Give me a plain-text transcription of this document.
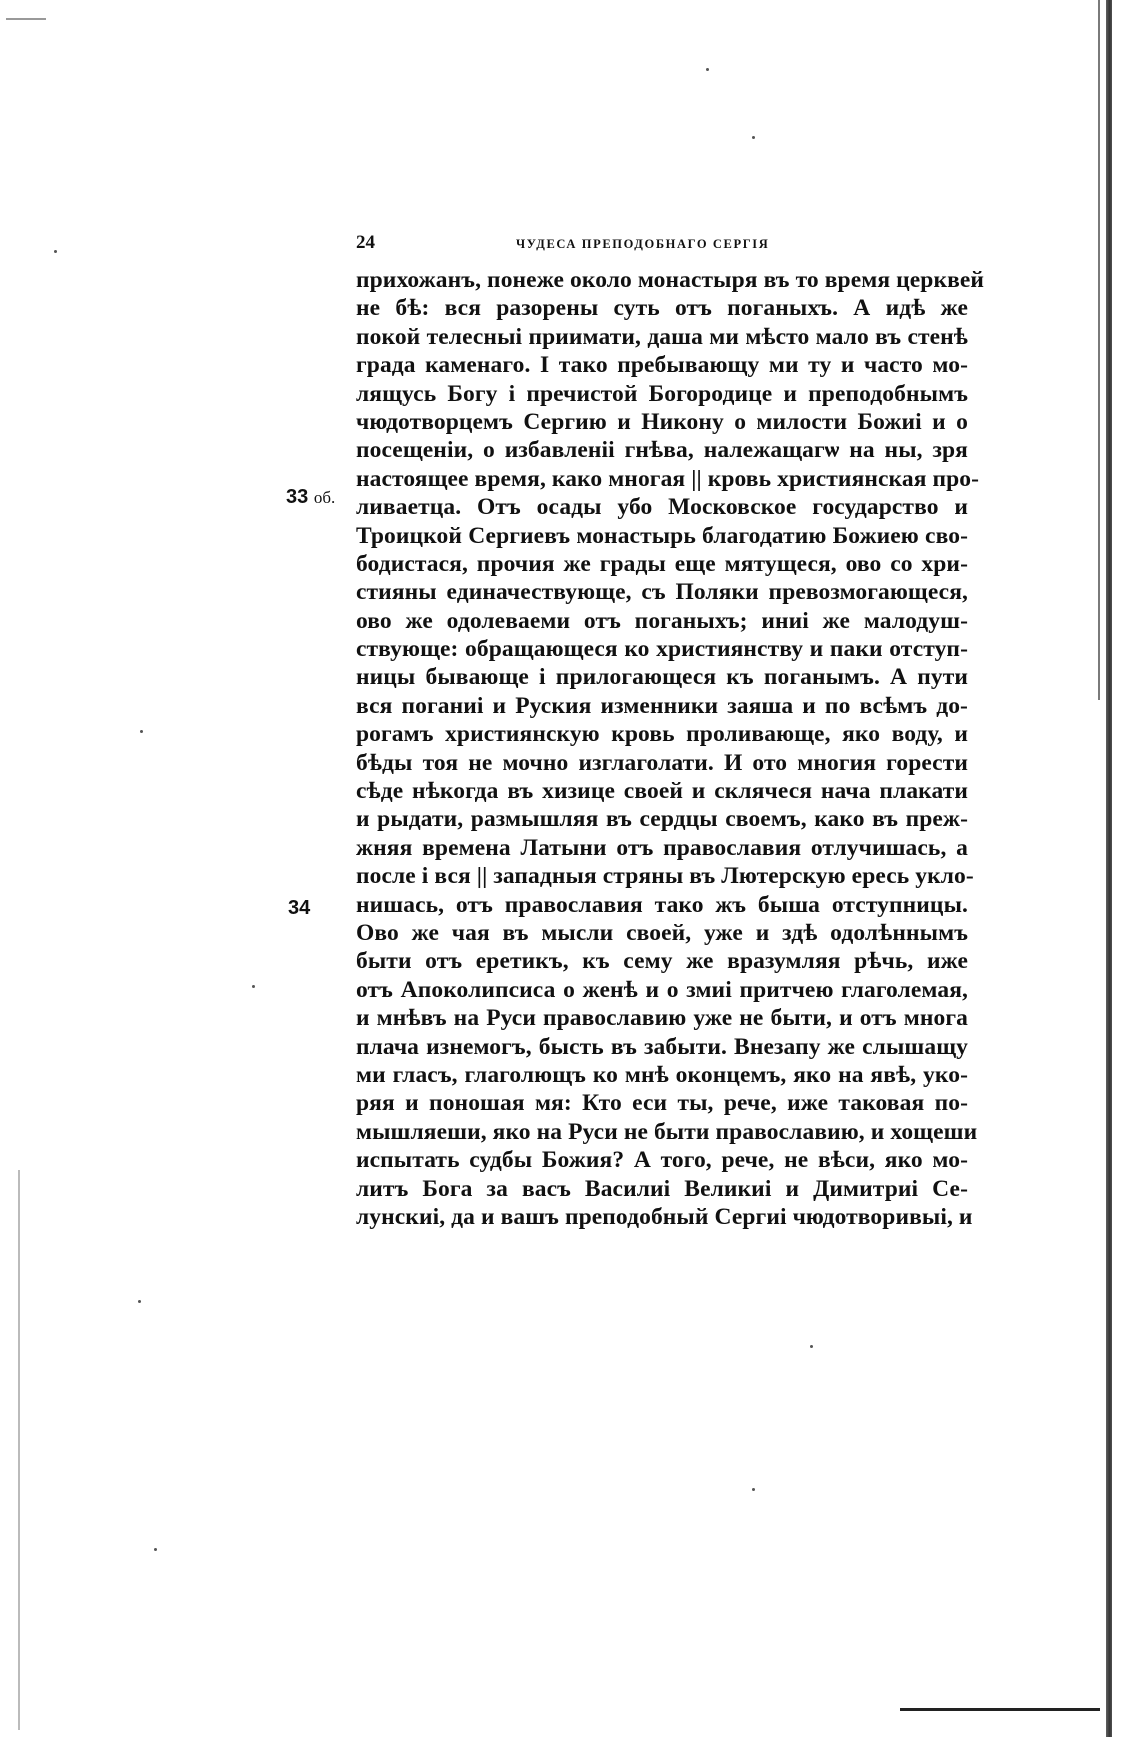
33 об.
34
24	ЧУДЕСА ПРЕПОДОБНАГО СЕРГІЯ
прихожанъ, понеже около монастыря въ то время церквей
не бѣ: вся разорены суть отъ поганыхъ. А идѣ же
покой телесныі приимати, даша ми мѣсто мало въ стенѣ
града каменаго. І тако пребывающу ми ту и часто мо-
лящусь Богу і пречистой Богородице и преподобнымъ
чюдотворцемъ Сергию и Никону о милости Божиі и о
посещеніи, о избавленіі гнѣва, належащагѡ на ны, зря
настоящее время, како многая || кровь християнская про-
ливаетца. Отъ осады убо Московское государство и
Троицкой Сергиевъ монастырь благодатию Божиею сво-
бодистася, прочия же грады еще мятущеся, ово со хри-
стияны единачествующе, съ Поляки превозмогающеся,
ово же одолеваеми отъ поганыхъ; иниі же малодуш-
ствующе: обращающеся ко християнству и паки отступ-
ницы бывающе і прилогающеся къ поганымъ. А пути
вся поганиі и Руския изменники заяша и по всѣмъ до-
рогамъ християнскую кровь проливающе, яко воду, и
бѣды тоя не мочно изглаголати. И ото многия горести
сѣде нѣкогда въ хизице своей и склячеся нача плакати
и рыдати, размышляя въ сердцы своемъ, како въ преж-
жняя времена Латыни отъ православия отлучишась, а
после і вся || западныя стряны въ Лютерскую ересь укло-
нишась, отъ православия тако жъ быша отступницы.
Ово же чая въ мысли своей, уже и здѣ одолѣннымъ
быти отъ еретикъ, къ сему же вразумляя рѣчь, иже
отъ Апоколипсиса о женѣ и о змиі притчею глаголемая,
и мнѣвъ на Руси православию уже не быти, и отъ многа
плача изнемогъ, бысть въ забыти. Внезапу же слышащу
ми гласъ, глаголющъ ко мнѣ оконцемъ, яко на явѣ, уко-
ряя и поношая мя: Кто еси ты, рече, иже таковая по-
мышляеши, яко на Руси не быти православию, и хощеши
испытать судбы Божия? А того, рече, не вѣси, яко мо-
литъ Бога за васъ Василиі Великиі и Димитриі Се-
лунскиі, да и вашъ преподобный Сергиі чюдотворивыі, и
